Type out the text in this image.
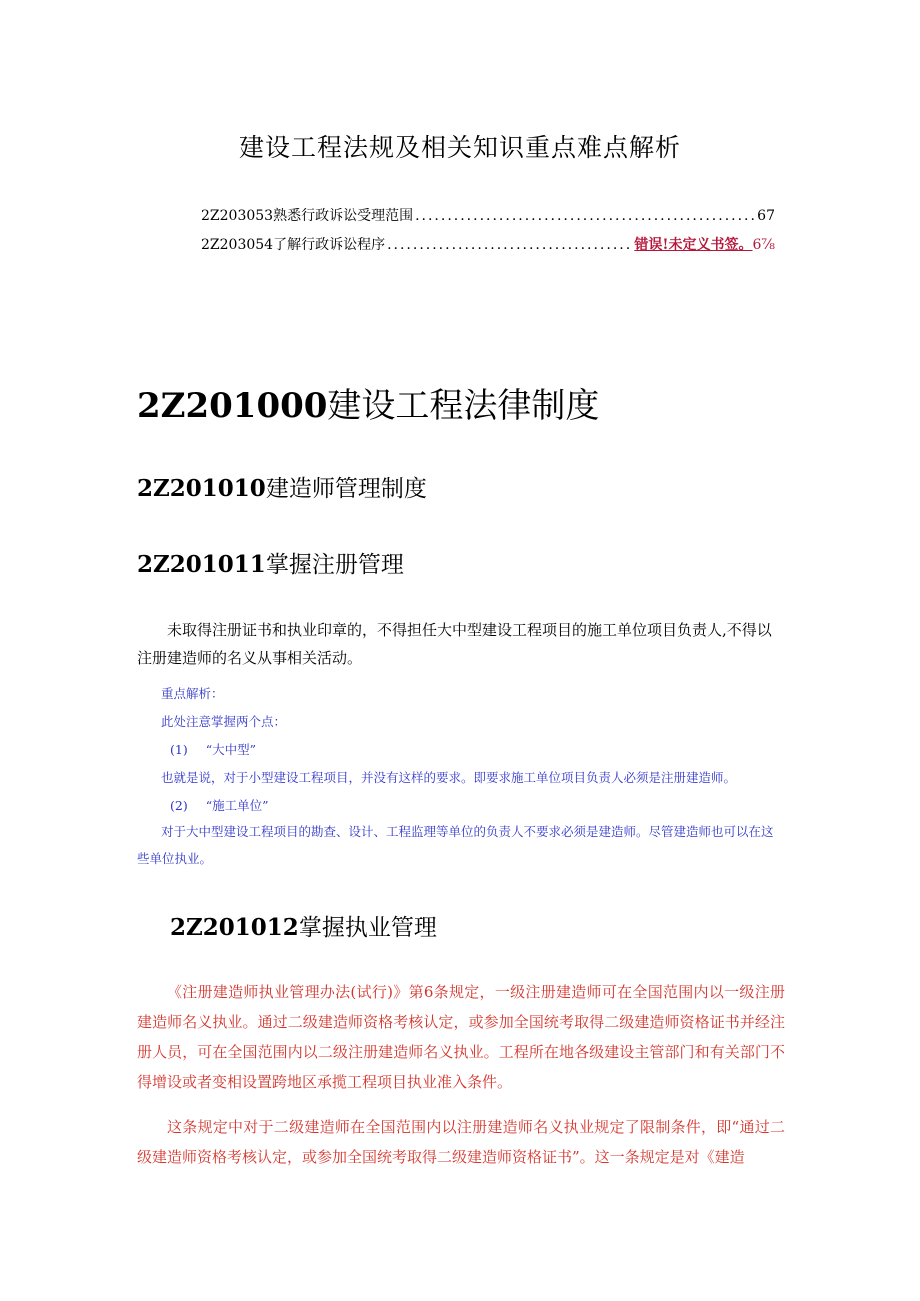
建设工程法规及相关知识重点难点解析
2Z203053熟悉行政诉讼受理范围 .....	67
2Z203054了解行政诉讼程序 .....	错误!未定义书签。 6⅞
2Z201000建设工程法律制度
2Z201010建造师管理制度
2Z201011掌握注册管理
未取得注册证书和执业印章的，不得担任大中型建设工程项目的施工单位项目负责人,不得以注册建造师的名义从事相关活动。
重点解析：
此处注意掌握两个点：
(1) “大中型”
也就是说，对于小型建设工程项目，并没有这样的要求。即要求施工单位项目负责人必须是注册建造师。
(2) “施工单位”
对于大中型建设工程项目的勘查、设计、工程监理等单位的负责人不要求必须是建造师。尽管建造师也可以在这些单位执业。
2Z201012掌握执业管理
《注册建造师执业管理办法(试行)》第6条规定，一级注册建造师可在全国范围内以一级注册建造师名义执业。通过二级建造师资格考核认定，或参加全国统考取得二级建造师资格证书并经注册人员，可在全国范围内以二级注册建造师名义执业。工程所在地各级建设主管部门和有关部门不得增设或者变相设置跨地区承揽工程项目执业准入条件。
这条规定中对于二级建造师在全国范围内以注册建造师名义执业规定了限制条件，即“通过二级建造师资格考核认定，或参加全国统考取得二级建造师资格证书”。这一条规定是对《建造
